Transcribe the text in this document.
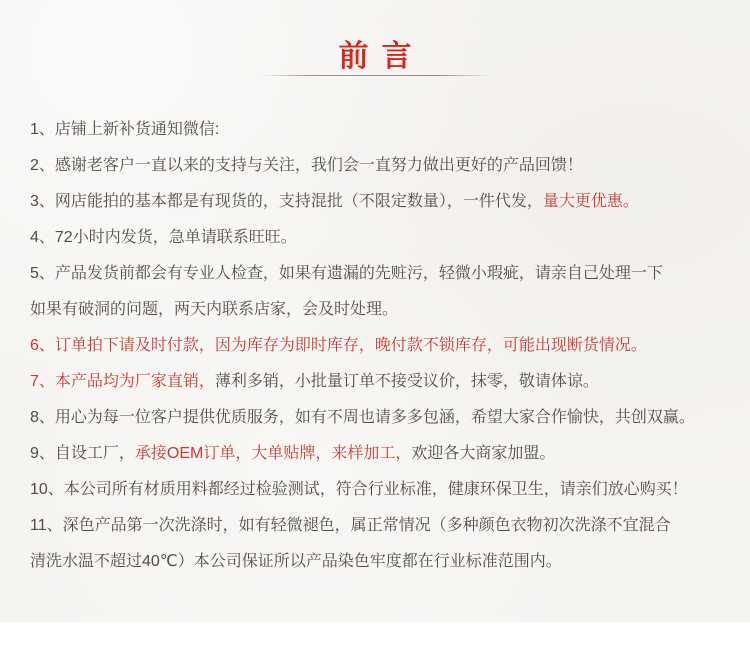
前言

1、店铺上新补货通知微信:

2、感谢老客户一直以来的支持与关注，我们会一直努力做出更好的产品回馈！

3、网店能拍的基本都是有现货的，支持混批（不限定数量），一件代发，量大更优惠。

4、72小时内发货，急单请联系旺旺。

5、产品发货前都会有专业人检查，如果有遗漏的先赃污，轻微小瑕疵，请亲自己处理一下
如果有破洞的问题，两天内联系店家，会及时处理。

6、订单拍下请及时付款，因为库存为即时库存，晚付款不锁库存，可能出现断货情况。

7、本产品均为厂家直销，薄利多销，小批量订单不接受议价，抹零，敬请体谅。

8、用心为每一位客户提供优质服务，如有不周也请多多包涵，希望大家合作愉快，共创双赢。

9、自设工厂，承接OEM订单，大单贴牌，来样加工，欢迎各大商家加盟。

10、本公司所有材质用料都经过检验测试，符合行业标准，健康环保卫生，请亲们放心购买！

11、深色产品第一次洗涤时，如有轻微褪色，属正常情况（多种颜色衣物初次洗涤不宜混合
清洗水温不超过40℃）本公司保证所以产品染色牢度都在行业标准范围内。
